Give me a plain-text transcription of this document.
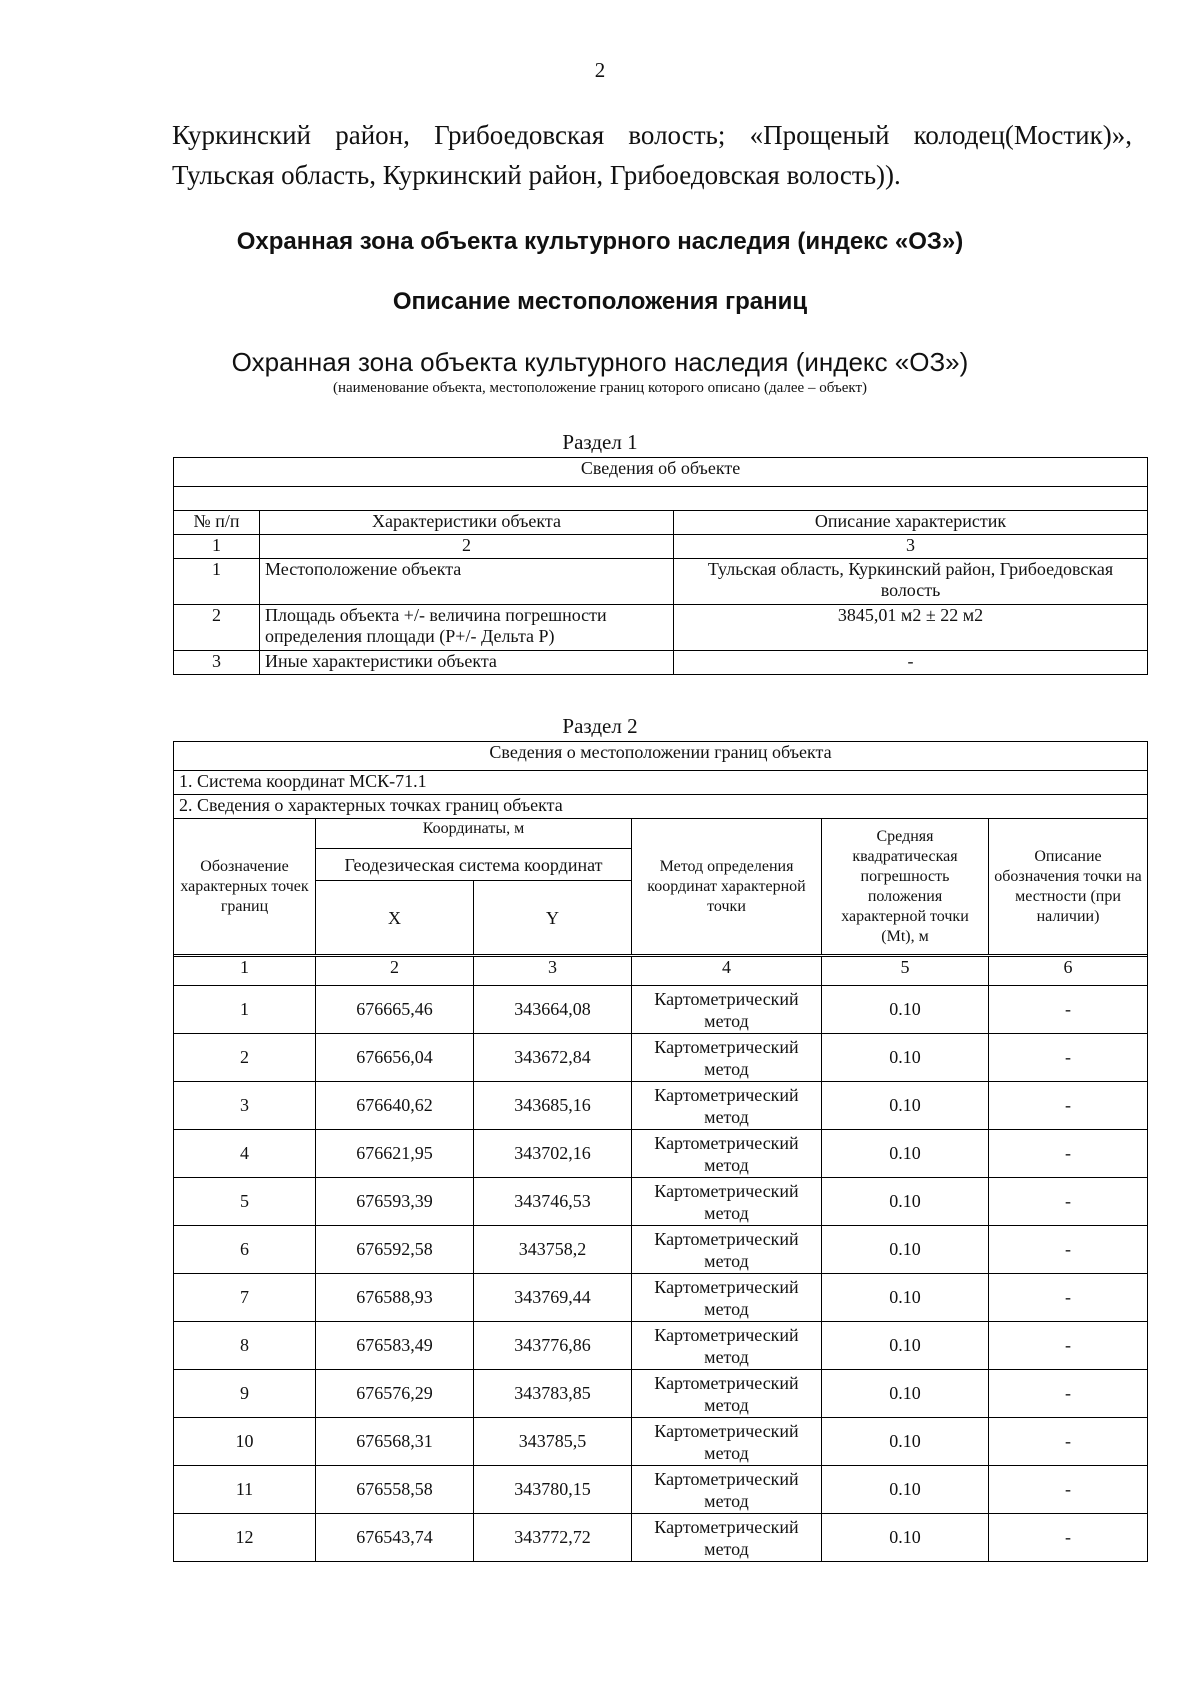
2
Куркинский район, Грибоедовская волость; «Прощеный колодец(Мостик)»,
Тульская область, Куркинский район, Грибоедовская волость)).
Охранная зона объекта культурного наследия (индекс «ОЗ»)
Описание местоположения границ
Охранная зона объекта культурного наследия (индекс «ОЗ»)
(наименование объекта, местоположение границ которого описано (далее – объект)
Раздел 1
Сведения об объекте		

№ п/п	Характеристики объекта	Описание характеристик
1	2	3
1	Местоположение объекта	Тульская область, Куркинский район, Грибоедовская волость
2	Площадь объекта +/- величина погрешности определения площади (Р+/- Дельта Р)	3845,01 м2 ± 22 м2
3	Иные характеристики объекта	-
Раздел 2
Сведения о местоположении границ объекта					
1. Система координат МСК-71.1					
2. Сведения о характерных точках границ объекта					
Обозначение характерных точек границ	Координаты, м		Метод определения координат характерной точки	Средняя квадратическая погрешность положения характерной точки (Mt), м	Описание обозначения точки на местности (при наличии)
	Геодезическая система координат				
	X	Y			

1	2	3	4	5	6
1	676665,46	343664,08	Картометрический метод	0.10	-
2	676656,04	343672,84	Картометрический метод	0.10	-
3	676640,62	343685,16	Картометрический метод	0.10	-
4	676621,95	343702,16	Картометрический метод	0.10	-
5	676593,39	343746,53	Картометрический метод	0.10	-
6	676592,58	343758,2	Картометрический метод	0.10	-
7	676588,93	343769,44	Картометрический метод	0.10	-
8	676583,49	343776,86	Картометрический метод	0.10	-
9	676576,29	343783,85	Картометрический метод	0.10	-
10	676568,31	343785,5	Картометрический метод	0.10	-
11	676558,58	343780,15	Картометрический метод	0.10	-
12	676543,74	343772,72	Картометрический метод	0.10	-
